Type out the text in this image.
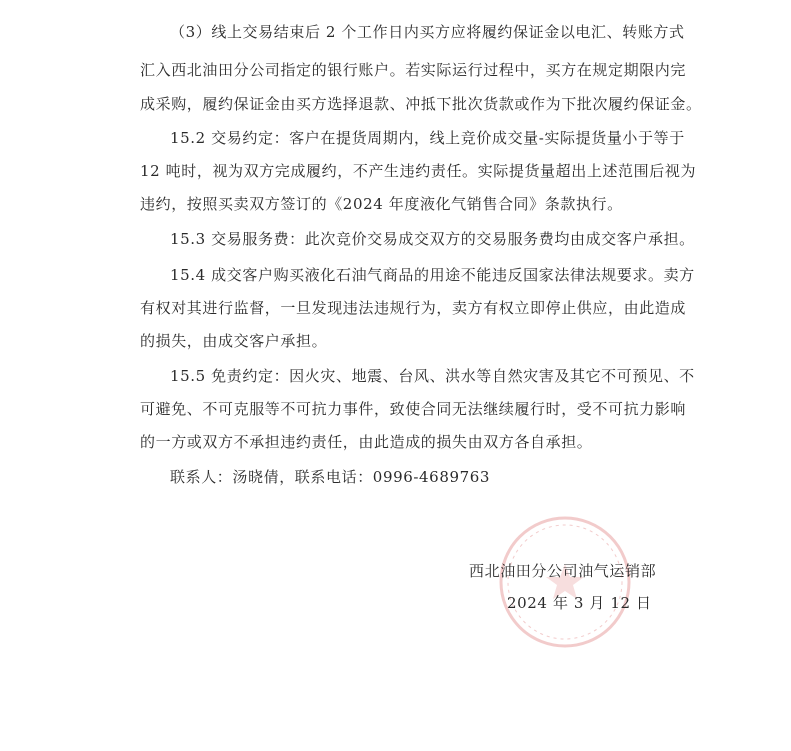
（3）线上交易结束后 2 个工作日内买方应将履约保证金以电汇、转账方式
汇入西北油田分公司指定的银行账户。若实际运行过程中，买方在规定期限内完
成采购，履约保证金由买方选择退款、冲抵下批次货款或作为下批次履约保证金。
15.2 交易约定：客户在提货周期内，线上竞价成交量-实际提货量小于等于
12 吨时，视为双方完成履约，不产生违约责任。实际提货量超出上述范围后视为
违约，按照买卖双方签订的《2024 年度液化气销售合同》条款执行。
15.3 交易服务费：此次竞价交易成交双方的交易服务费均由成交客户承担。
15.4 成交客户购买液化石油气商品的用途不能违反国家法律法规要求。卖方
有权对其进行监督，一旦发现违法违规行为，卖方有权立即停止供应，由此造成
的损失，由成交客户承担。
15.5 免责约定：因火灾、地震、台风、洪水等自然灾害及其它不可预见、不
可避免、不可克服等不可抗力事件，致使合同无法继续履行时，受不可抗力影响
的一方或双方不承担违约责任，由此造成的损失由双方各自承担。
联系人：汤晓倩，联系电话：0996-4689763
西北油田分公司油气运销部
2024 年 3 月 12 日
